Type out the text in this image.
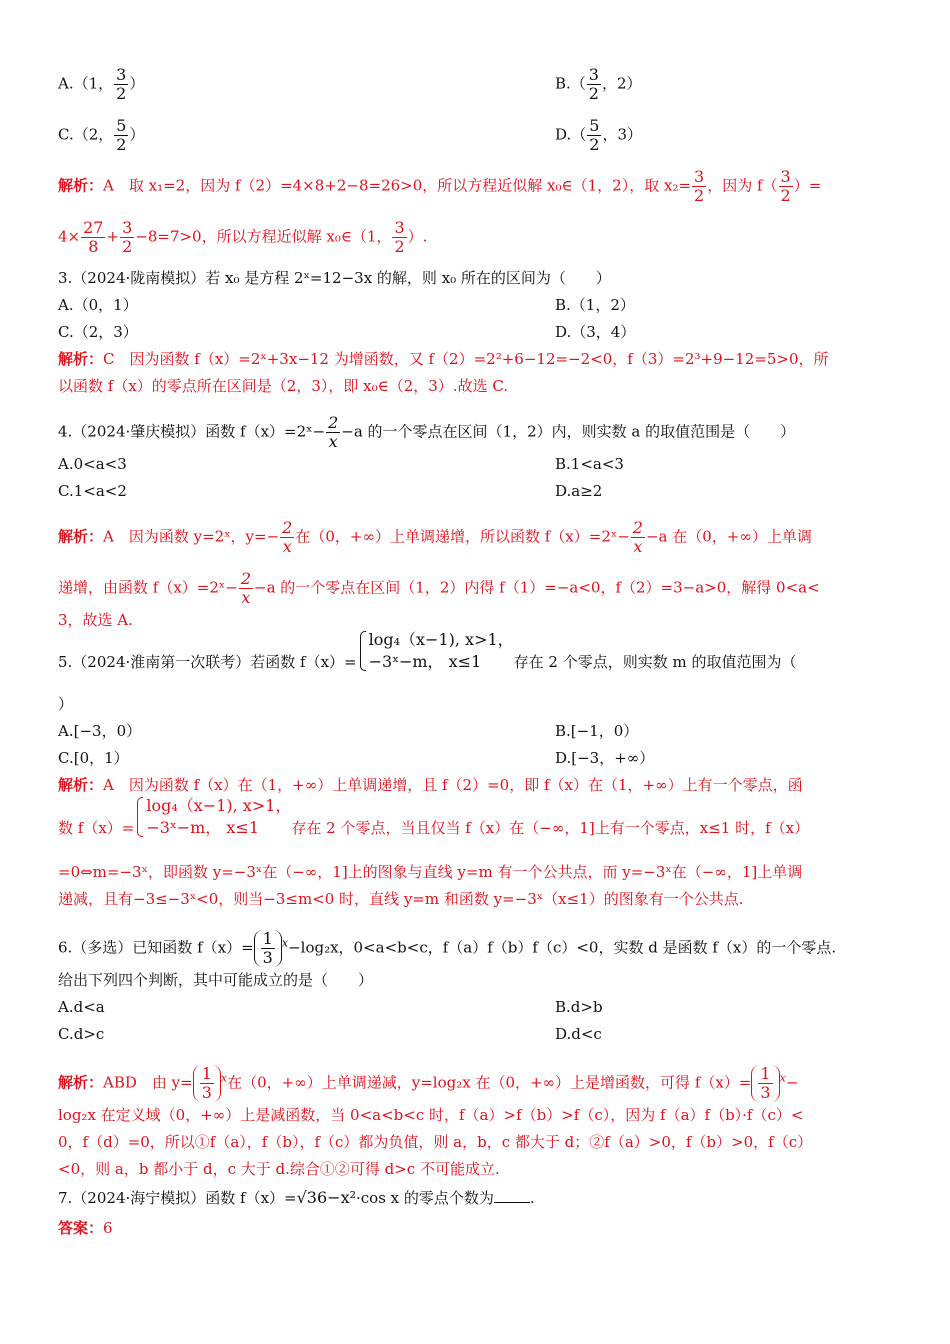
A.（1， $\frac{3}{2}$ ）	$B.( \frac{3}{2}$ ，2）
C.（2， $\frac{5}{2}$ ）	$D.( \frac{5}{2}$ ，3）
解析：A　取 x₁=2，因为 f（2）=4×8+2−8=26>0，所以方程近似解 x₀∈（1，2），取 $x_2= \frac{3}{2}$ ，因为 $f( \frac{3}{2}$ ）=
$4\times \frac{27}{8} + \frac{3}{2} -8=7>0$，所以方程近似解 x₀∈（1， $\frac{3}{2}$ ）.
3.（2024·陇南模拟）若 x₀ 是方程 2ˣ=12−3x 的解，则 x₀ 所在的区间为（　　）
A.（0，1）	B.（1，2）
C.（2，3）	D.（3，4）
解析：C　因为函数 f（x）=2ˣ+3x−12 为增函数，又 f（2）=2²+6−12=−2<0，f（3）=2³+9−12=5>0，所
以函数 f（x）的零点所在区间是（2，3），即 x₀∈（2，3）.故选 C.
4.（2024·肇庆模拟）函数 f（x）=2ˣ− $\frac{2}{x} -a$ 的一个零点在区间（1，2）内，则实数 a 的取值范围是（　　）
A.0<a<3	B.1<a<3
C.1<a<2	D.a≥2
解析：A　因为函数 y=2ˣ，$y=- \frac{2}{x}$ 在（0，+∞）上单调递增，所以函数 f（x）=2ˣ− $\frac{2}{x} -a$ 在（0，+∞）上单调
递增，由函数 f（x）=2ˣ− $\frac{2}{x} -a$ 的一个零点在区间（1，2）内得 f（1）=−a<0，f（2）=3−a>0，解得 0<a<
3，故选 A.
5.（2024·淮南第一次联考）若函数 f（x）=
log₄（x−1), x>1，
−3ˣ−m， x≤1	存在 2 个零点，则实数 m 的取值范围为（
）
A.[−3，0）	B.[−1，0）
C.[0，1）	D.[−3，+∞）
解析：A　因为函数 f（x）在（1，+∞）上单调递增，且 f（2）=0，即 f（x）在（1，+∞）上有一个零点，函
数 f（x）=
log₄（x−1), x>1，
−3ˣ−m， x≤1	存在 2 个零点，当且仅当 f（x）在（−∞，1]上有一个零点，x≤1 时，f（x）
=0⇔m=−3ˣ，即函数 y=−3ˣ在（−∞，1]上的图象与直线 y=m 有一个公共点，而 y=−3ˣ在（−∞，1]上单调
递减，且有−3≤−3ˣ<0，则当−3≤m<0 时，直线 y=m 和函数 y=−3ˣ（x≤1）的图象有一个公共点.
6.（多选）已知函数 $f(x)= \frac{1}{3} ^x-\log_2x$，0<a<b<c，f（a）f（b）f（c）<0，实数 d 是函数 f（x）的一个零点.
给出下列四个判断，其中可能成立的是（　　）
A.d<a	B.d>b
C.d>c	D.d<c
解析：ABD　由 $y= \frac{1}{3} ^x$在（0，+∞）上单调递减，y=log₂x 在（0，+∞）上是增函数，可得 $f(x)= \frac{1}{3} ^x-$
log₂x 在定义域（0，+∞）上是减函数，当 0<a<b<c 时，f（a）>f（b）>f（c），因为 f（a）f（b）·f（c）<
0，f（d）=0，所以①f（a），f（b），f（c）都为负值，则 a，b，c 都大于 d；②f（a）>0，f（b）>0，f（c）
<0，则 a，b 都小于 d，c 大于 d.综合①②可得 d>c 不可能成立.
7.（2024·海宁模拟）函数 f（x）=√36−x²·cos x 的零点个数为 .
答案：6
